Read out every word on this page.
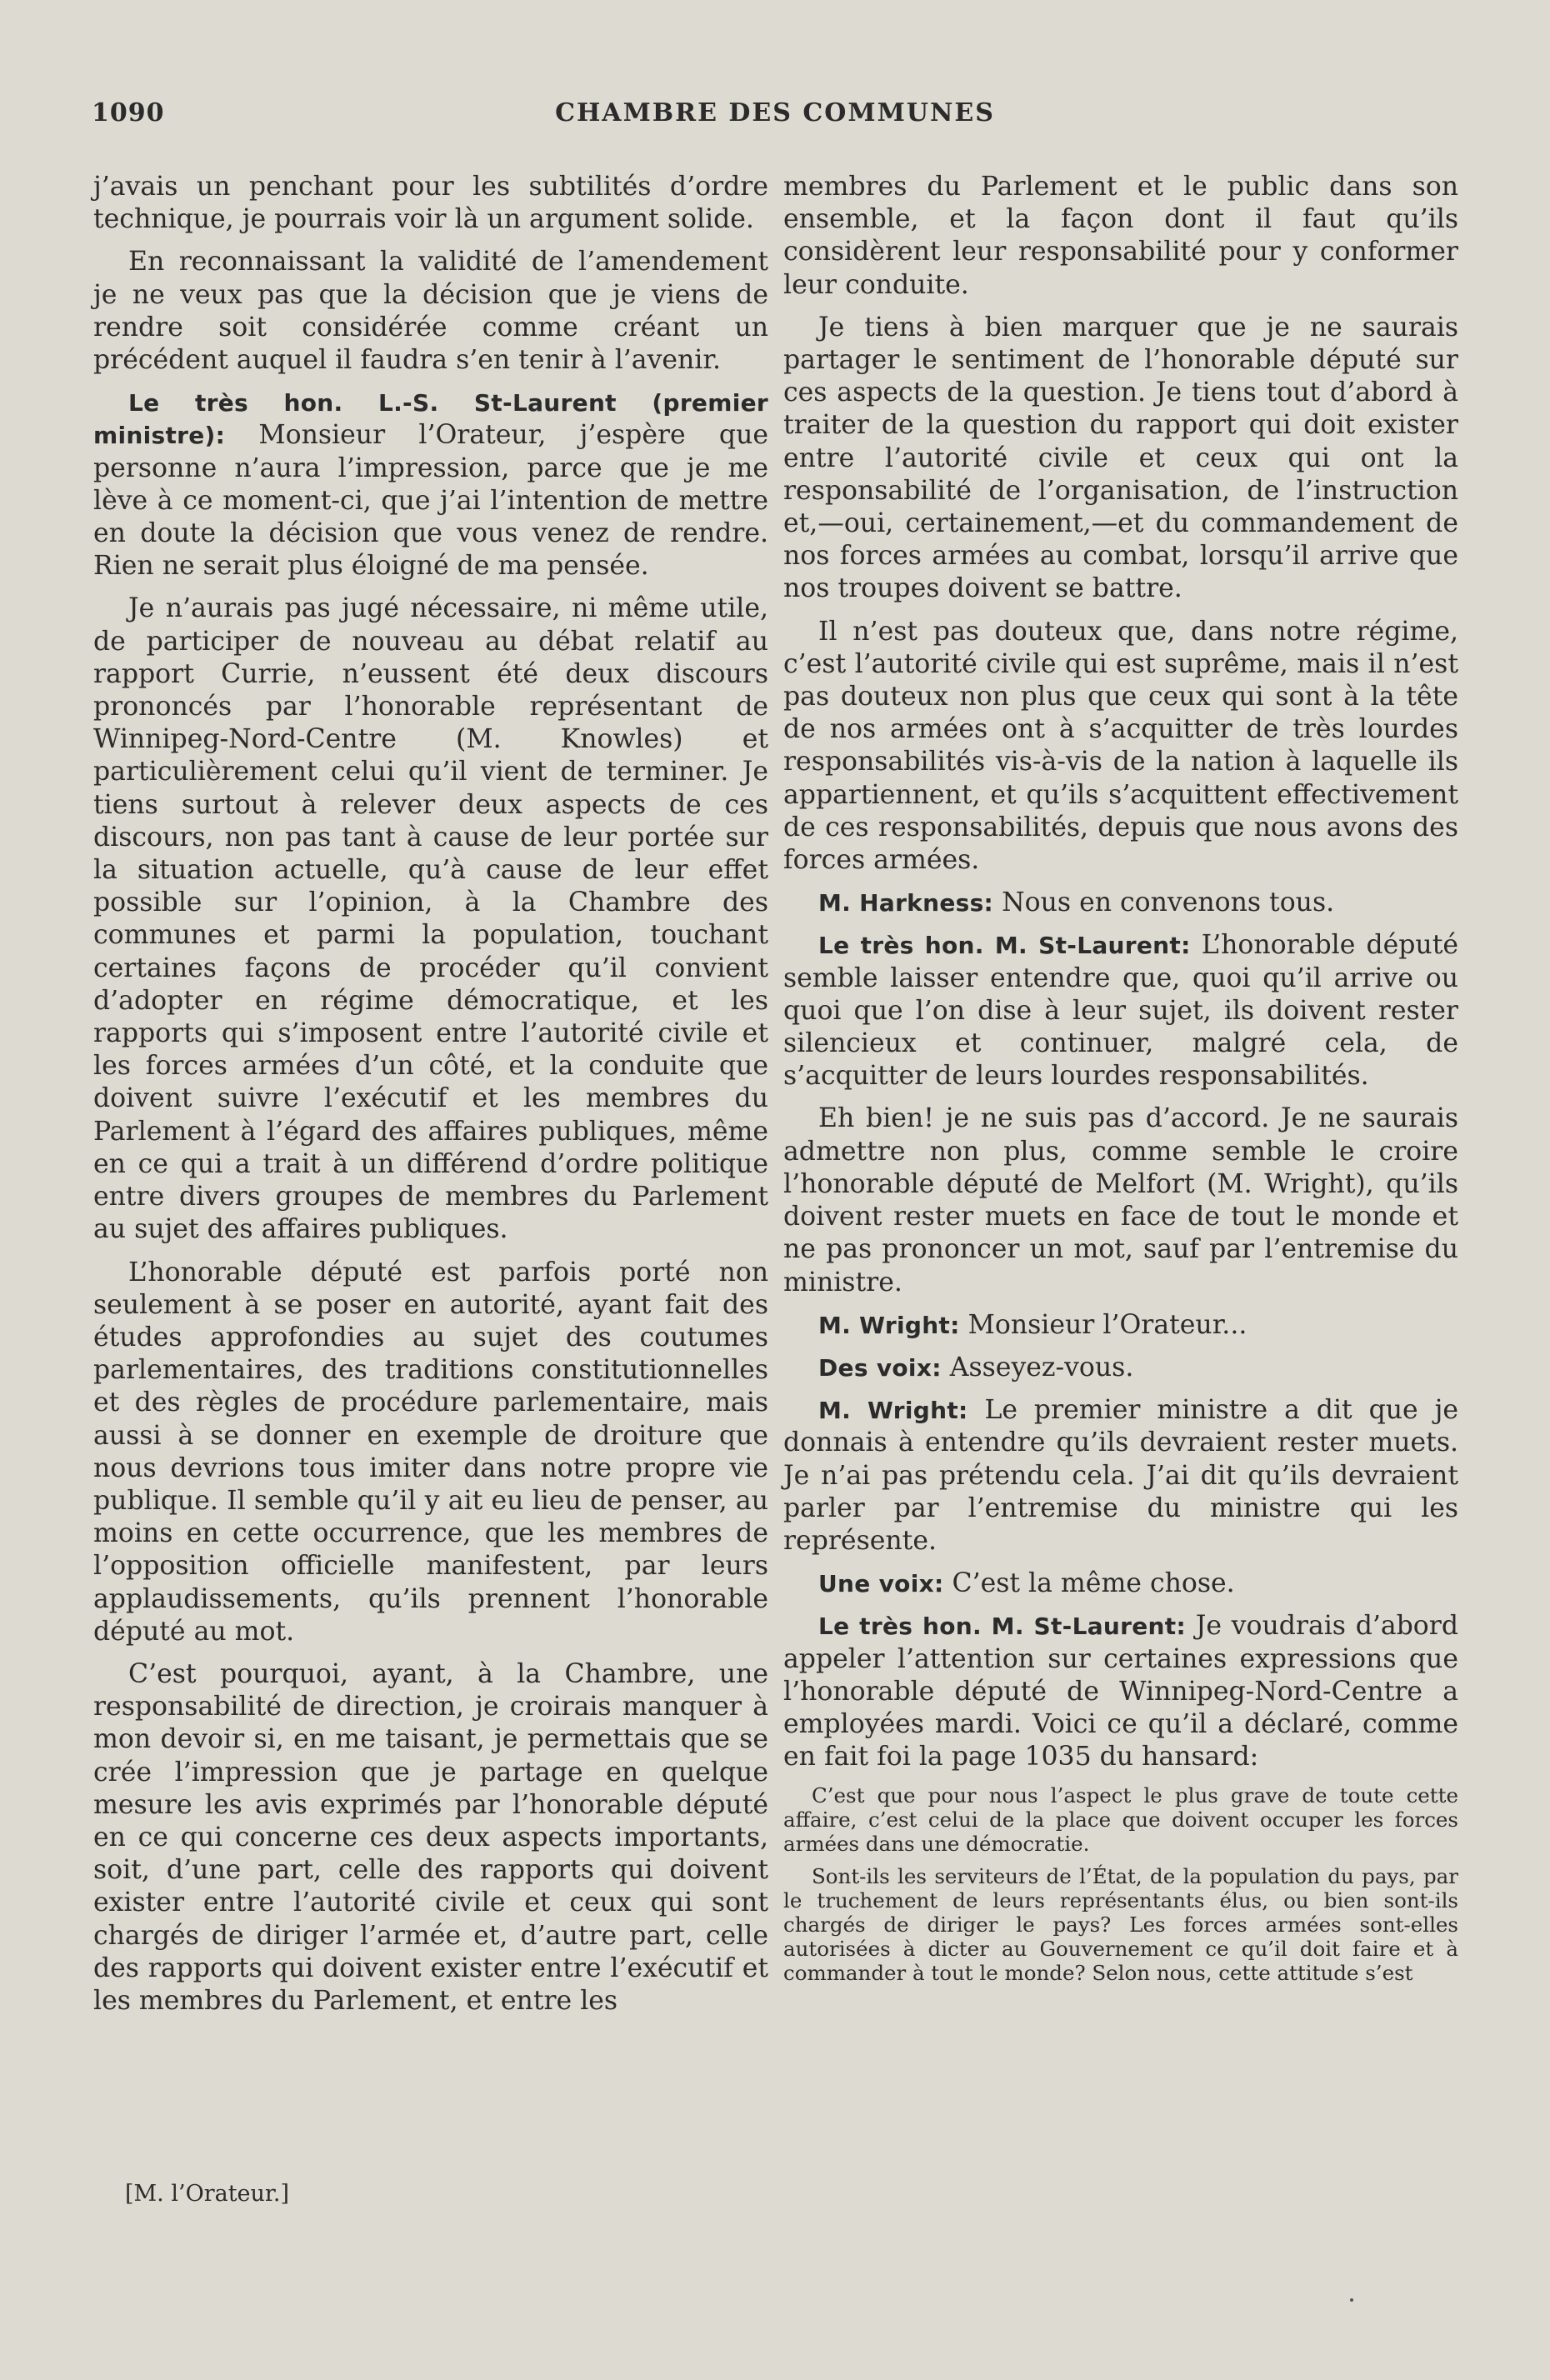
1090	CHAMBRE DES COMMUNES

j’avais un penchant pour les subtilités d’ordre technique, je pourrais voir là un argument solide.

En reconnaissant la validité de l’amendement je ne veux pas que la décision que je viens de rendre soit considérée comme créant un précédent auquel il faudra s’en tenir à l’avenir.

Le très hon. L.-S. St-Laurent (premier ministre): Monsieur l’Orateur, j’espère que personne n’aura l’impression, parce que je me lève à ce moment-ci, que j’ai l’intention de mettre en doute la décision que vous venez de rendre. Rien ne serait plus éloigné de ma pensée.

Je n’aurais pas jugé nécessaire, ni même utile, de participer de nouveau au débat relatif au rapport Currie, n’eussent été deux discours prononcés par l’honorable représentant de Winnipeg-Nord-Centre (M. Knowles) et particulièrement celui qu’il vient de terminer. Je tiens surtout à relever deux aspects de ces discours, non pas tant à cause de leur portée sur la situation actuelle, qu’à cause de leur effet possible sur l’opinion, à la Chambre des communes et parmi la population, touchant certaines façons de procéder qu’il convient d’adopter en régime démocratique, et les rapports qui s’imposent entre l’autorité civile et les forces armées d’un côté, et la conduite que doivent suivre l’exécutif et les membres du Parlement à l’égard des affaires publiques, même en ce qui a trait à un différend d’ordre politique entre divers groupes de membres du Parlement au sujet des affaires publiques.

L’honorable député est parfois porté non seulement à se poser en autorité, ayant fait des études approfondies au sujet des coutumes parlementaires, des traditions constitutionnelles et des règles de procédure parlementaire, mais aussi à se donner en exemple de droiture que nous devrions tous imiter dans notre propre vie publique. Il semble qu’il y ait eu lieu de penser, au moins en cette occurrence, que les membres de l’opposition officielle manifestent, par leurs applaudissements, qu’ils prennent l’honorable député au mot.

C’est pourquoi, ayant, à la Chambre, une responsabilité de direction, je croirais manquer à mon devoir si, en me taisant, je permettais que se crée l’impression que je partage en quelque mesure les avis exprimés par l’honorable député en ce qui concerne ces deux aspects importants, soit, d’une part, celle des rapports qui doivent exister entre l’autorité civile et ceux qui sont chargés de diriger l’armée et, d’autre part, celle des rapports qui doivent exister entre l’exécutif et les membres du Parlement, et entre les

membres du Parlement et le public dans son ensemble, et la façon dont il faut qu’ils considèrent leur responsabilité pour y conformer leur conduite.

Je tiens à bien marquer que je ne saurais partager le sentiment de l’honorable député sur ces aspects de la question. Je tiens tout d’abord à traiter de la question du rapport qui doit exister entre l’autorité civile et ceux qui ont la responsabilité de l’organisation, de l’instruction et,—oui, certainement,—et du commandement de nos forces armées au combat, lorsqu’il arrive que nos troupes doivent se battre.

Il n’est pas douteux que, dans notre régime, c’est l’autorité civile qui est suprême, mais il n’est pas douteux non plus que ceux qui sont à la tête de nos armées ont à s’acquitter de très lourdes responsabilités vis-à-vis de la nation à laquelle ils appartiennent, et qu’ils s’acquittent effectivement de ces responsabilités, depuis que nous avons des forces armées.

M. Harkness: Nous en convenons tous.

Le très hon. M. St-Laurent: L’honorable député semble laisser entendre que, quoi qu’il arrive ou quoi que l’on dise à leur sujet, ils doivent rester silencieux et continuer, malgré cela, de s’acquitter de leurs lourdes responsabilités.

Eh bien! je ne suis pas d’accord. Je ne saurais admettre non plus, comme semble le croire l’honorable député de Melfort (M. Wright), qu’ils doivent rester muets en face de tout le monde et ne pas prononcer un mot, sauf par l’entremise du ministre.

M. Wright: Monsieur l’Orateur...

Des voix: Asseyez-vous.

M. Wright: Le premier ministre a dit que je donnais à entendre qu’ils devraient rester muets. Je n’ai pas prétendu cela. J’ai dit qu’ils devraient parler par l’entremise du ministre qui les représente.

Une voix: C’est la même chose.

Le très hon. M. St-Laurent: Je voudrais d’abord appeler l’attention sur certaines expressions que l’honorable député de Winnipeg-Nord-Centre a employées mardi. Voici ce qu’il a déclaré, comme en fait foi la page 1035 du hansard:

C’est que pour nous l’aspect le plus grave de toute cette affaire, c’est celui de la place que doivent occuper les forces armées dans une démocratie.

Sont-ils les serviteurs de l’État, de la population du pays, par le truchement de leurs représentants élus, ou bien sont-ils chargés de diriger le pays? Les forces armées sont-elles autorisées à dicter au Gouvernement ce qu’il doit faire et à commander à tout le monde? Selon nous, cette attitude s’est

[M. l’Orateur.]
